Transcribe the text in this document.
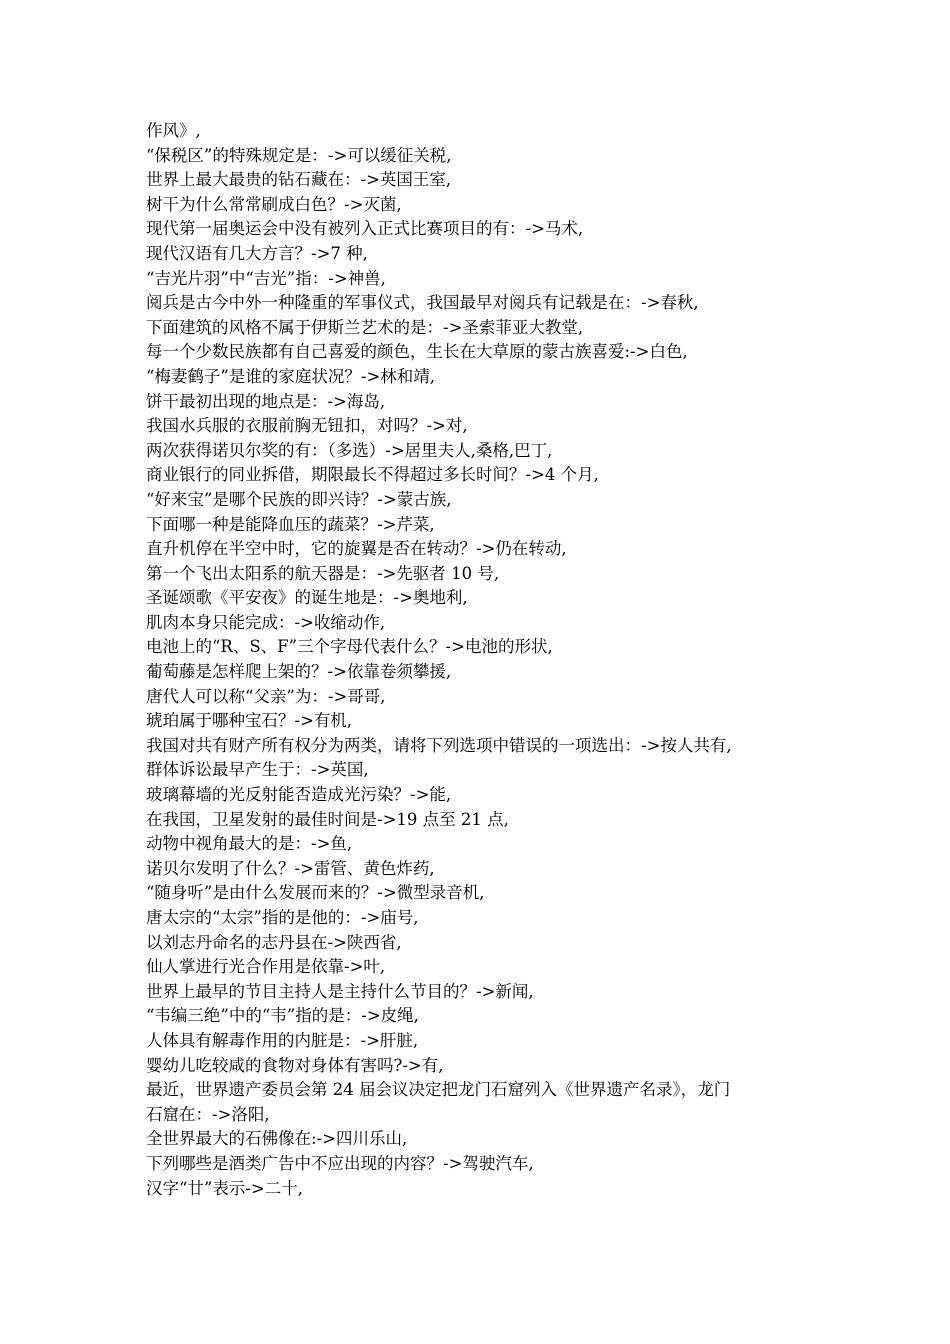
作风》,
“保税区”的特殊规定是：->可以缓征关税,
世界上最大最贵的钻石藏在：->英国王室,
树干为什么常常刷成白色？->灭菌,
现代第一届奥运会中没有被列入正式比赛项目的有：->马术,
现代汉语有几大方言？->7 种,
“吉光片羽”中“吉光”指：->神兽,
阅兵是古今中外一种隆重的军事仪式，我国最早对阅兵有记载是在：->春秋,
下面建筑的风格不属于伊斯兰艺术的是：->圣索菲亚大教堂,
每一个少数民族都有自己喜爱的颜色，生长在大草原的蒙古族喜爱:->白色,
“梅妻鹤子”是谁的家庭状况？->林和靖,
饼干最初出现的地点是：->海岛,
我国水兵服的衣服前胸无钮扣，对吗？->对,
两次获得诺贝尔奖的有：（多选）->居里夫人,桑格,巴丁,
商业银行的同业拆借，期限最长不得超过多长时间？->4 个月,
“好来宝”是哪个民族的即兴诗？->蒙古族,
下面哪一种是能降血压的蔬菜？->芹菜,
直升机停在半空中时，它的旋翼是否在转动？->仍在转动,
第一个飞出太阳系的航天器是：->先驱者 10 号,
圣诞颂歌《平安夜》的诞生地是：->奥地利,
肌肉本身只能完成：->收缩动作,
电池上的“R、S、F”三个字母代表什么？->电池的形状,
葡萄藤是怎样爬上架的？->依靠卷须攀援,
唐代人可以称“父亲”为：->哥哥,
琥珀属于哪种宝石？->有机,
我国对共有财产所有权分为两类，请将下列选项中错误的一项选出：->按人共有,
群体诉讼最早产生于：->英国,
玻璃幕墙的光反射能否造成光污染？->能,
在我国，卫星发射的最佳时间是->19 点至 21 点,
动物中视角最大的是：->鱼,
诺贝尔发明了什么？->雷管、黄色炸药,
“随身听”是由什么发展而来的？->微型录音机,
唐太宗的“太宗”指的是他的：->庙号,
以刘志丹命名的志丹县在->陕西省,
仙人掌进行光合作用是依靠->叶,
世界上最早的节目主持人是主持什么节目的？->新闻,
“韦编三绝”中的“韦”指的是：->皮绳,
人体具有解毒作用的内脏是：->肝脏,
婴幼儿吃较咸的食物对身体有害吗?->有,
最近，世界遗产委员会第 24 届会议决定把龙门石窟列入《世界遗产名录》，龙门
石窟在：->洛阳,
全世界最大的石佛像在:->四川乐山,
下列哪些是酒类广告中不应出现的内容？->驾驶汽车,
汉字“廿”表示->二十,
